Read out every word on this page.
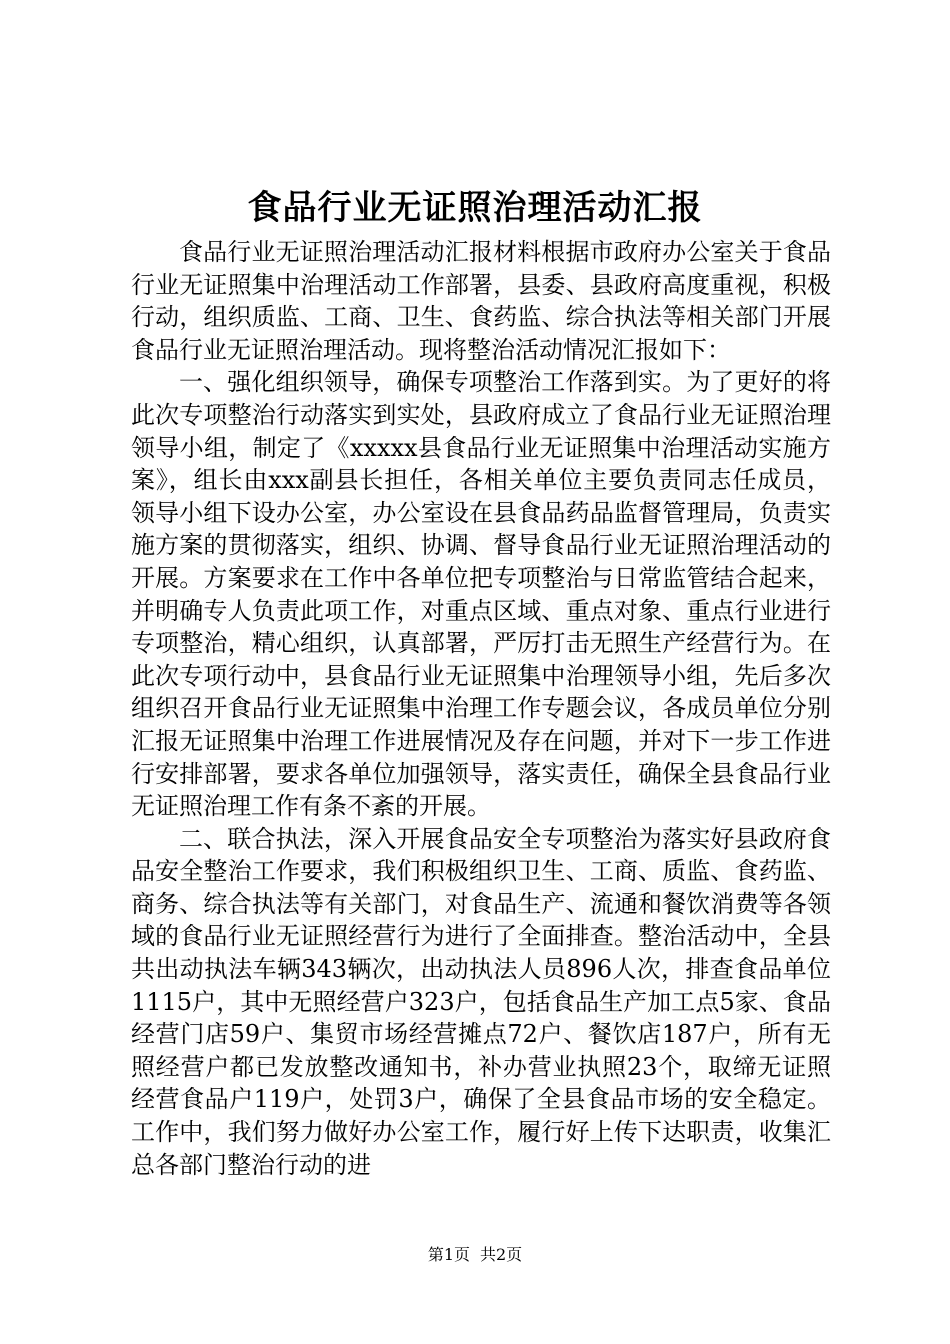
食品行业无证照治理活动汇报

食品行业无证照治理活动汇报材料根据市政府办公室关于食品行业无证照集中治理活动工作部署，县委、县政府高度重视，积极行动，组织质监、工商、卫生、食药监、综合执法等相关部门开展食品行业无证照治理活动。现将整治活动情况汇报如下：

一、强化组织领导，确保专项整治工作落到实。为了更好的将此次专项整治行动落实到实处，县政府成立了食品行业无证照治理领导小组，制定了《xxxxx县食品行业无证照集中治理活动实施方案》，组长由xxx副县长担任，各相关单位主要负责同志任成员，领导小组下设办公室，办公室设在县食品药品监督管理局，负责实施方案的贯彻落实，组织、协调、督导食品行业无证照治理活动的开展。方案要求在工作中各单位把专项整治与日常监管结合起来，并明确专人负责此项工作，对重点区域、重点对象、重点行业进行专项整治，精心组织，认真部署，严厉打击无照生产经营行为。在此次专项行动中，县食品行业无证照集中治理领导小组，先后多次组织召开食品行业无证照集中治理工作专题会议，各成员单位分别汇报无证照集中治理工作进展情况及存在问题，并对下一步工作进行安排部署，要求各单位加强领导，落实责任，确保全县食品行业无证照治理工作有条不紊的开展。

二、联合执法，深入开展食品安全专项整治为落实好县政府食品安全整治工作要求，我们积极组织卫生、工商、质监、食药监、商务、综合执法等有关部门，对食品生产、流通和餐饮消费等各领域的食品行业无证照经营行为进行了全面排查。整治活动中，全县共出动执法车辆343辆次，出动执法人员896人次，排查食品单位1115户，其中无照经营户323户，包括食品生产加工点5家、食品经营门店59户、集贸市场经营摊点72户、餐饮店187户，所有无照经营户都已发放整改通知书，补办营业执照23个，取缔无证照经营食品户119户，处罚3户，确保了全县食品市场的安全稳定。工作中，我们努力做好办公室工作，履行好上传下达职责，收集汇总各部门整治行动的进

第1页 共2页
